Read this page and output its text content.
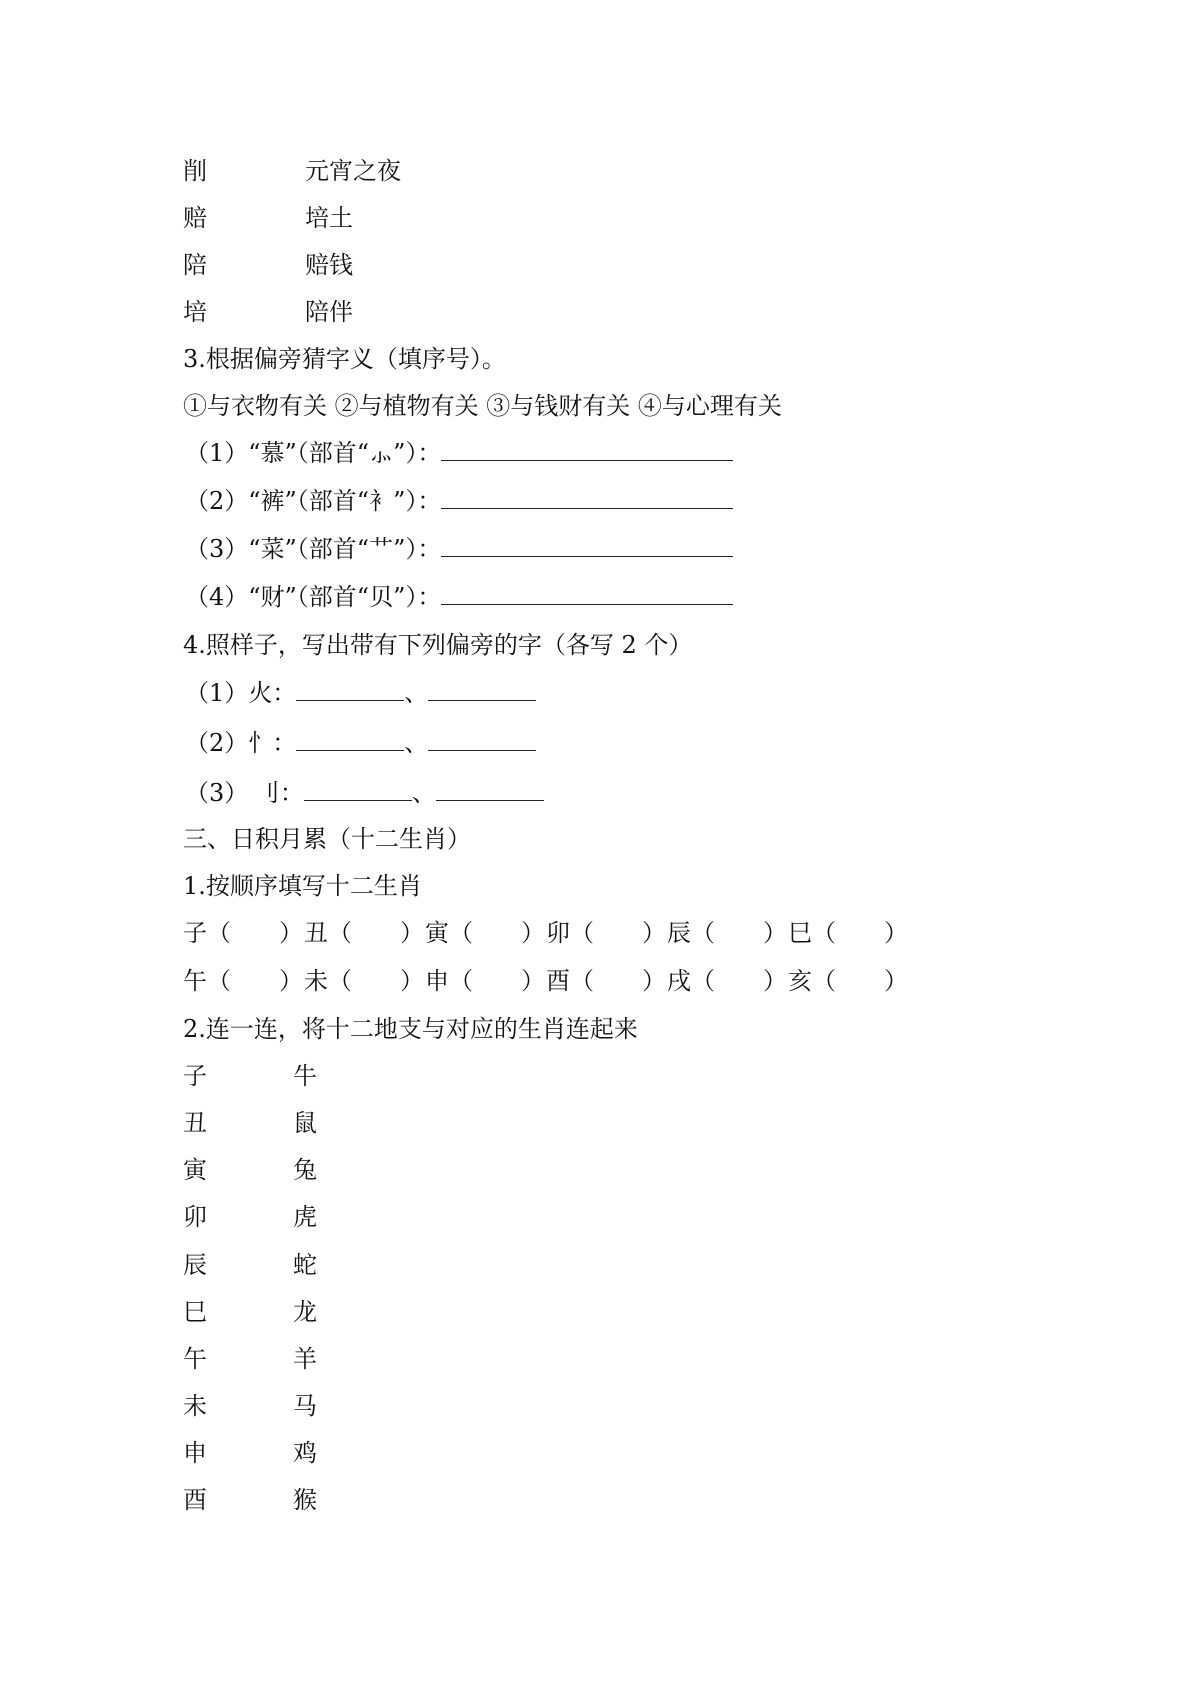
削	元宵之夜
赔	培土
陪	赔钱
培	陪伴
3.根据偏旁猜字义（填序号）。
①与衣物有关 ②与植物有关 ③与钱财有关 ④与心理有关
（1）“慕”（部首“⺗”）：
（2）“裤”（部首“衤”）：
（3）“菜”（部首“艹”）：
（4）“财”（部首“贝”）：
4.照样子，写出带有下列偏旁的字（各写 2 个）
（1）火：	、
（2）忄：	、
（3） 刂：	、
三、日积月累（十二生肖）
1.按顺序填写十二生肖
子（　　） 丑（　　） 寅（　　） 卯（　　） 辰（　　） 巳（　　）
午（　　） 未（　　） 申（　　） 酉（　　） 戌（　　） 亥（　　）
2.连一连，将十二地支与对应的生肖连起来
子	牛
丑	鼠
寅	兔
卯	虎
辰	蛇
巳	龙
午	羊
未	马
申	鸡
酉	猴
